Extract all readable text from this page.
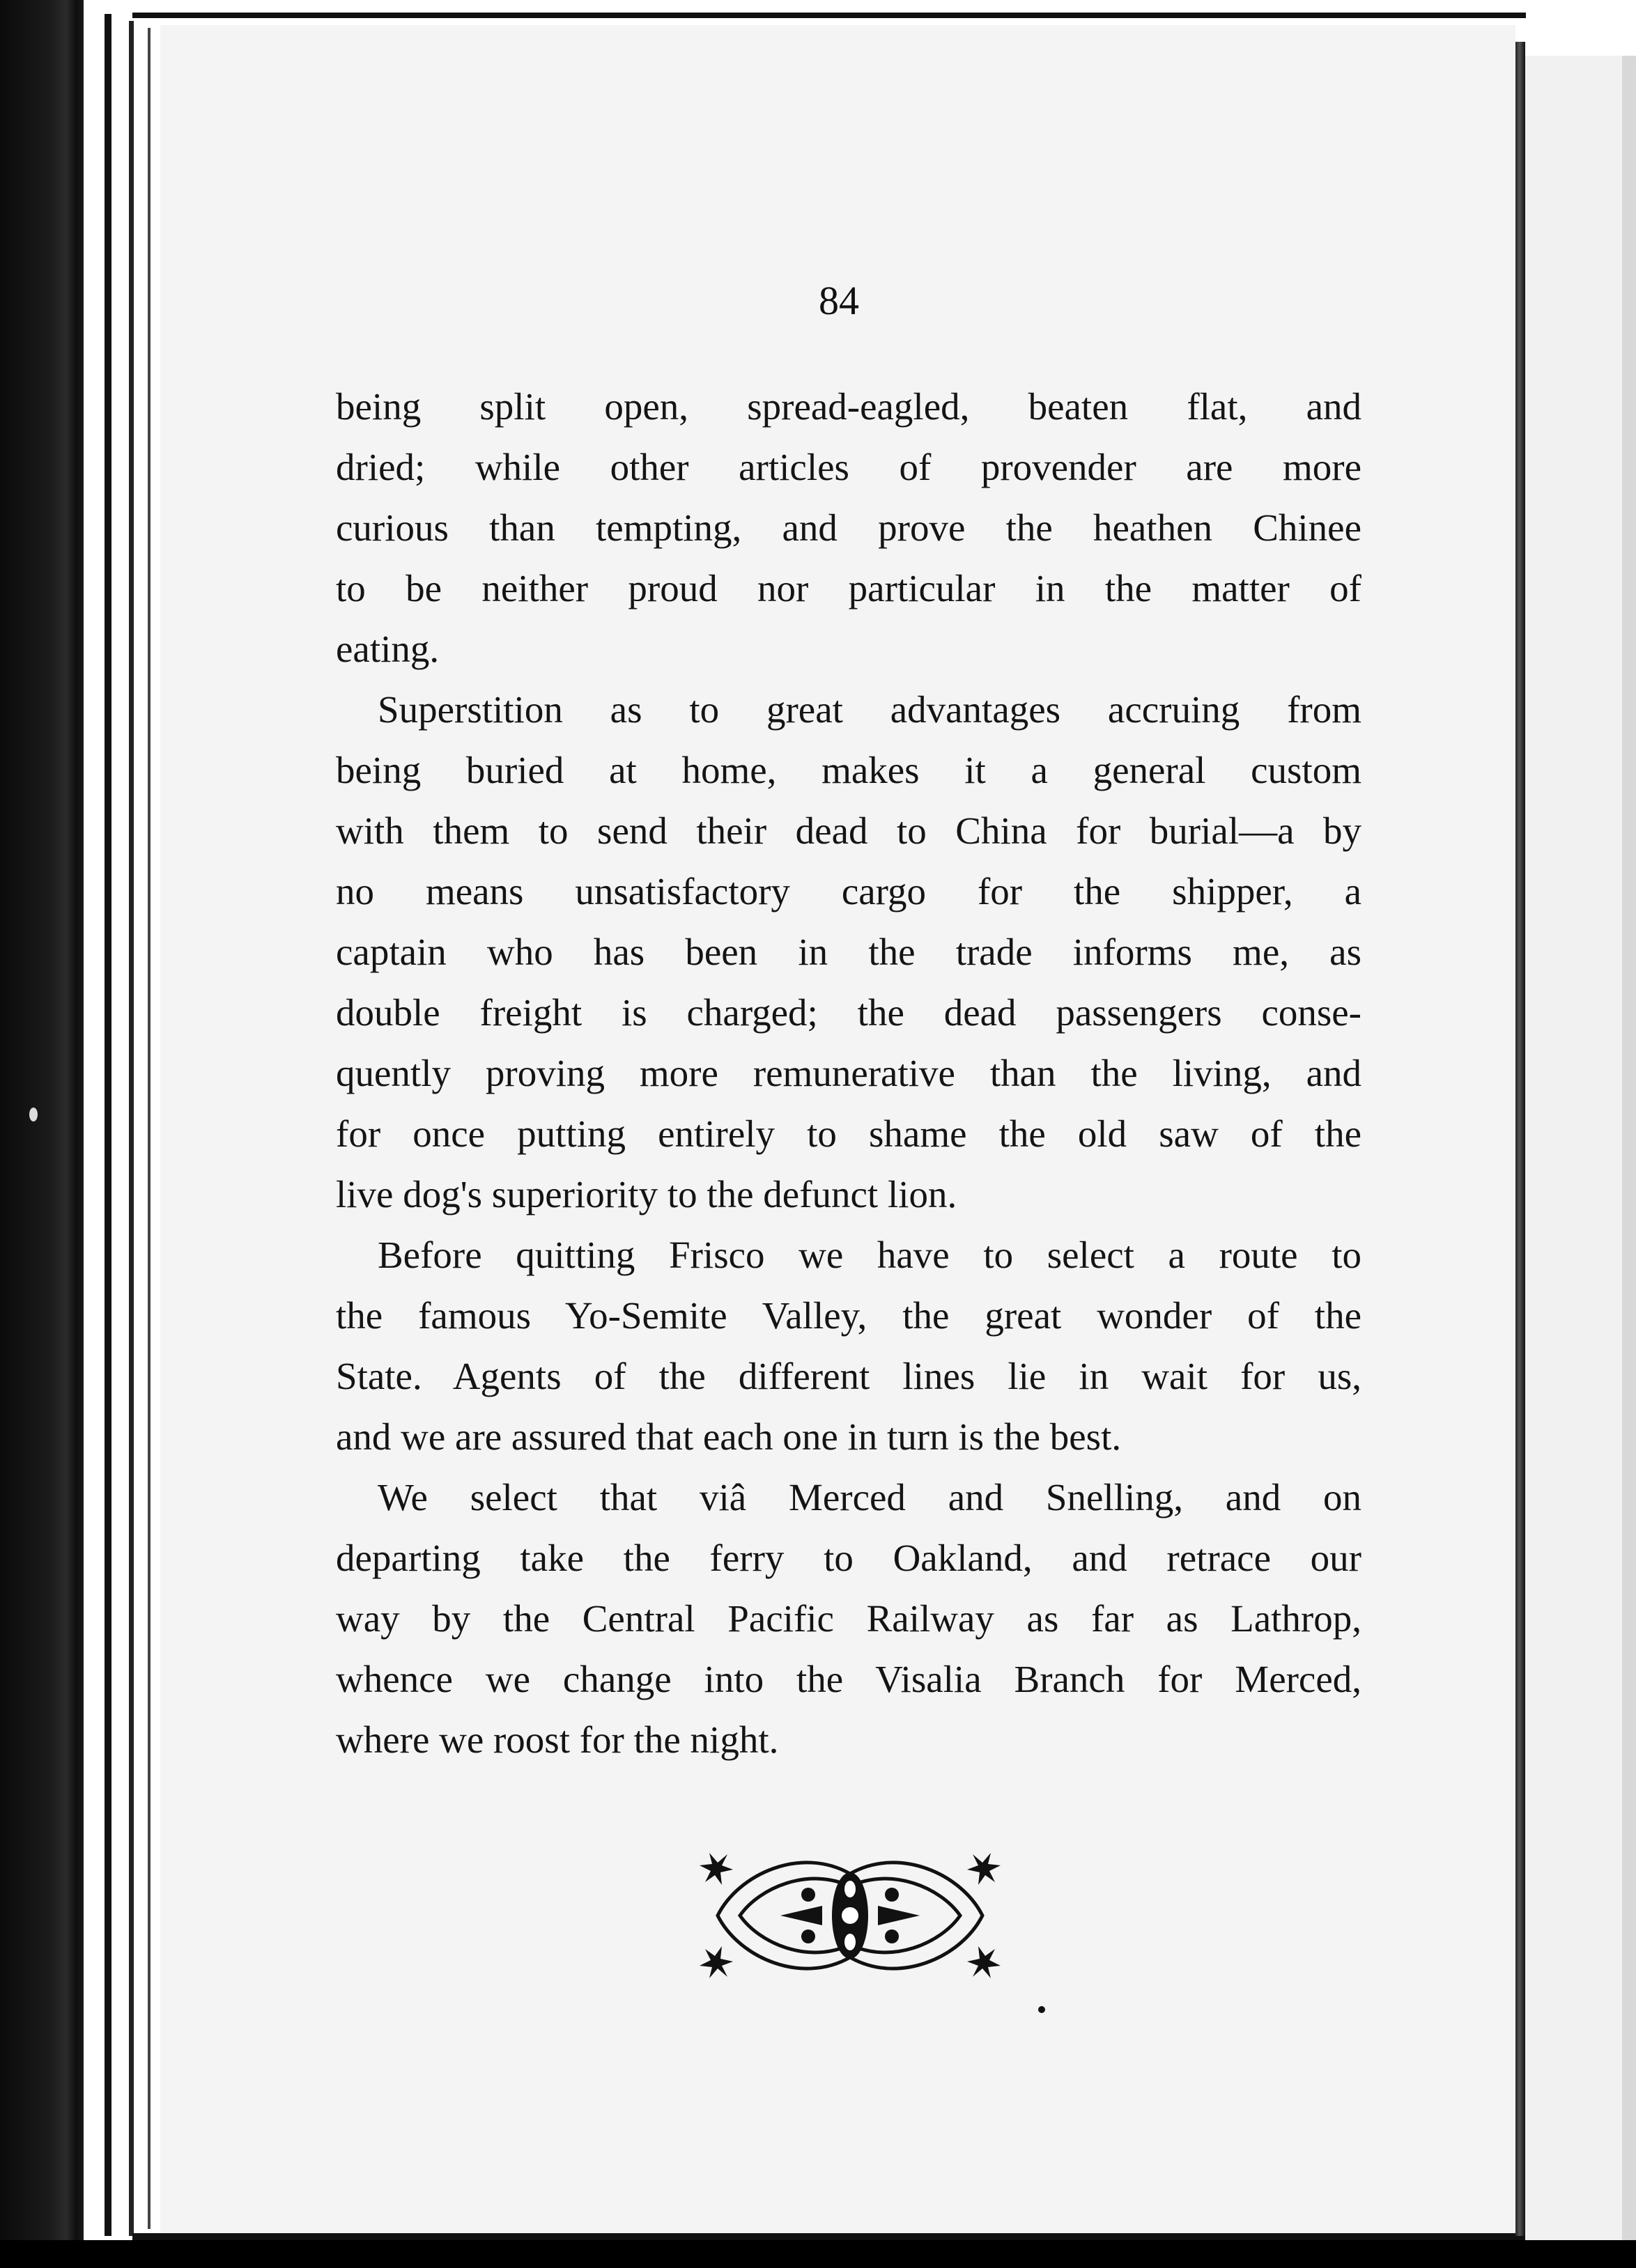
84

being split open, spread-eagled, beaten flat, and
dried; while other articles of provender are more
curious than tempting, and prove the heathen Chinee
to be neither proud nor particular in the matter of
eating.

Superstition as to great advantages accruing from
being buried at home, makes it a general custom
with them to send their dead to China for burial—a by
no means unsatisfactory cargo for the shipper, a
captain who has been in the trade informs me, as
double freight is charged; the dead passengers conse-
quently proving more remunerative than the living, and
for once putting entirely to shame the old saw of the
live dog's superiority to the defunct lion.

Before quitting Frisco we have to select a route to
the famous Yo-Semite Valley, the great wonder of the
State. Agents of the different lines lie in wait for us,
and we are assured that each one in turn is the best.

We select that viâ Merced and Snelling, and on
departing take the ferry to Oakland, and retrace our
way by the Central Pacific Railway as far as Lathrop,
whence we change into the Visalia Branch for Merced,
where we roost for the night.
